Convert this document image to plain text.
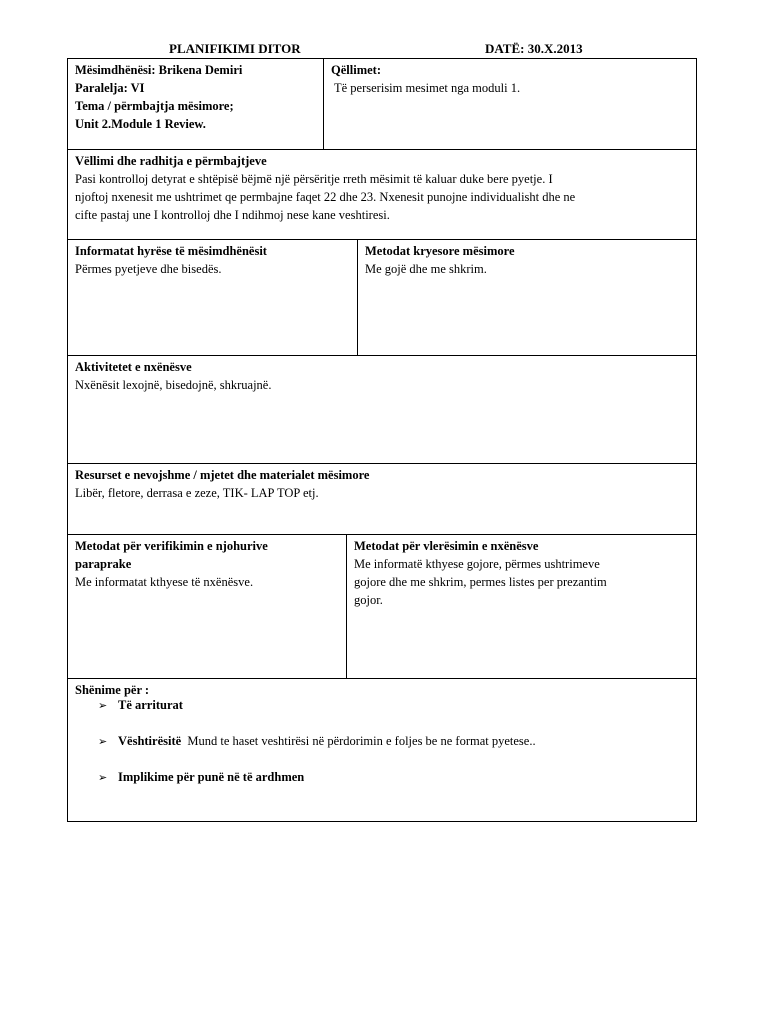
PLANIFIKIMI DITOR	DATË: 30.X.2013
Mësimdhënësi: Brikena Demiri
Paralelja: VI
Tema / përmbajtja mësimore;
Unit 2.Module 1 Review.
Qëllimet:
Të perserisim mesimet nga moduli 1.
Vëllimi dhe radhitja e përmbajtjeve
Pasi kontrolloj detyrat e shtëpisë bëjmë një përsëritje rreth mësimit të kaluar duke bere pyetje. I
njoftoj nxenesit me ushtrimet qe permbajne faqet 22 dhe 23. Nxenesit punojne individualisht dhe ne
cifte pastaj une I kontrolloj dhe I ndihmoj nese kane veshtiresi.
Informatat hyrëse të mësimdhënësit
Përmes pyetjeve dhe bisedës.
Metodat kryesore mësimore
Me gojë dhe me shkrim.
Aktivitetet e nxënësve
Nxënësit lexojnë, bisedojnë, shkruajnë.
Resurset e nevojshme / mjetet dhe materialet mësimore
Libër, fletore, derrasa e zeze, TIK- LAP TOP etj.
Metodat për verifikimin e njohurive
paraprake
Me informatat kthyese të nxënësve.
Metodat për vlerësimin e nxënësve
Me informatë kthyese gojore, përmes ushtrimeve
gojore dhe me shkrim, permes listes per prezantim
gojor.
Shënime për :
➢ Të arriturat
➢ Vështirësitë Mund te haset veshtirësi në përdorimin e foljes be ne format pyetese..
➢ Implikime për punë në të ardhmen
